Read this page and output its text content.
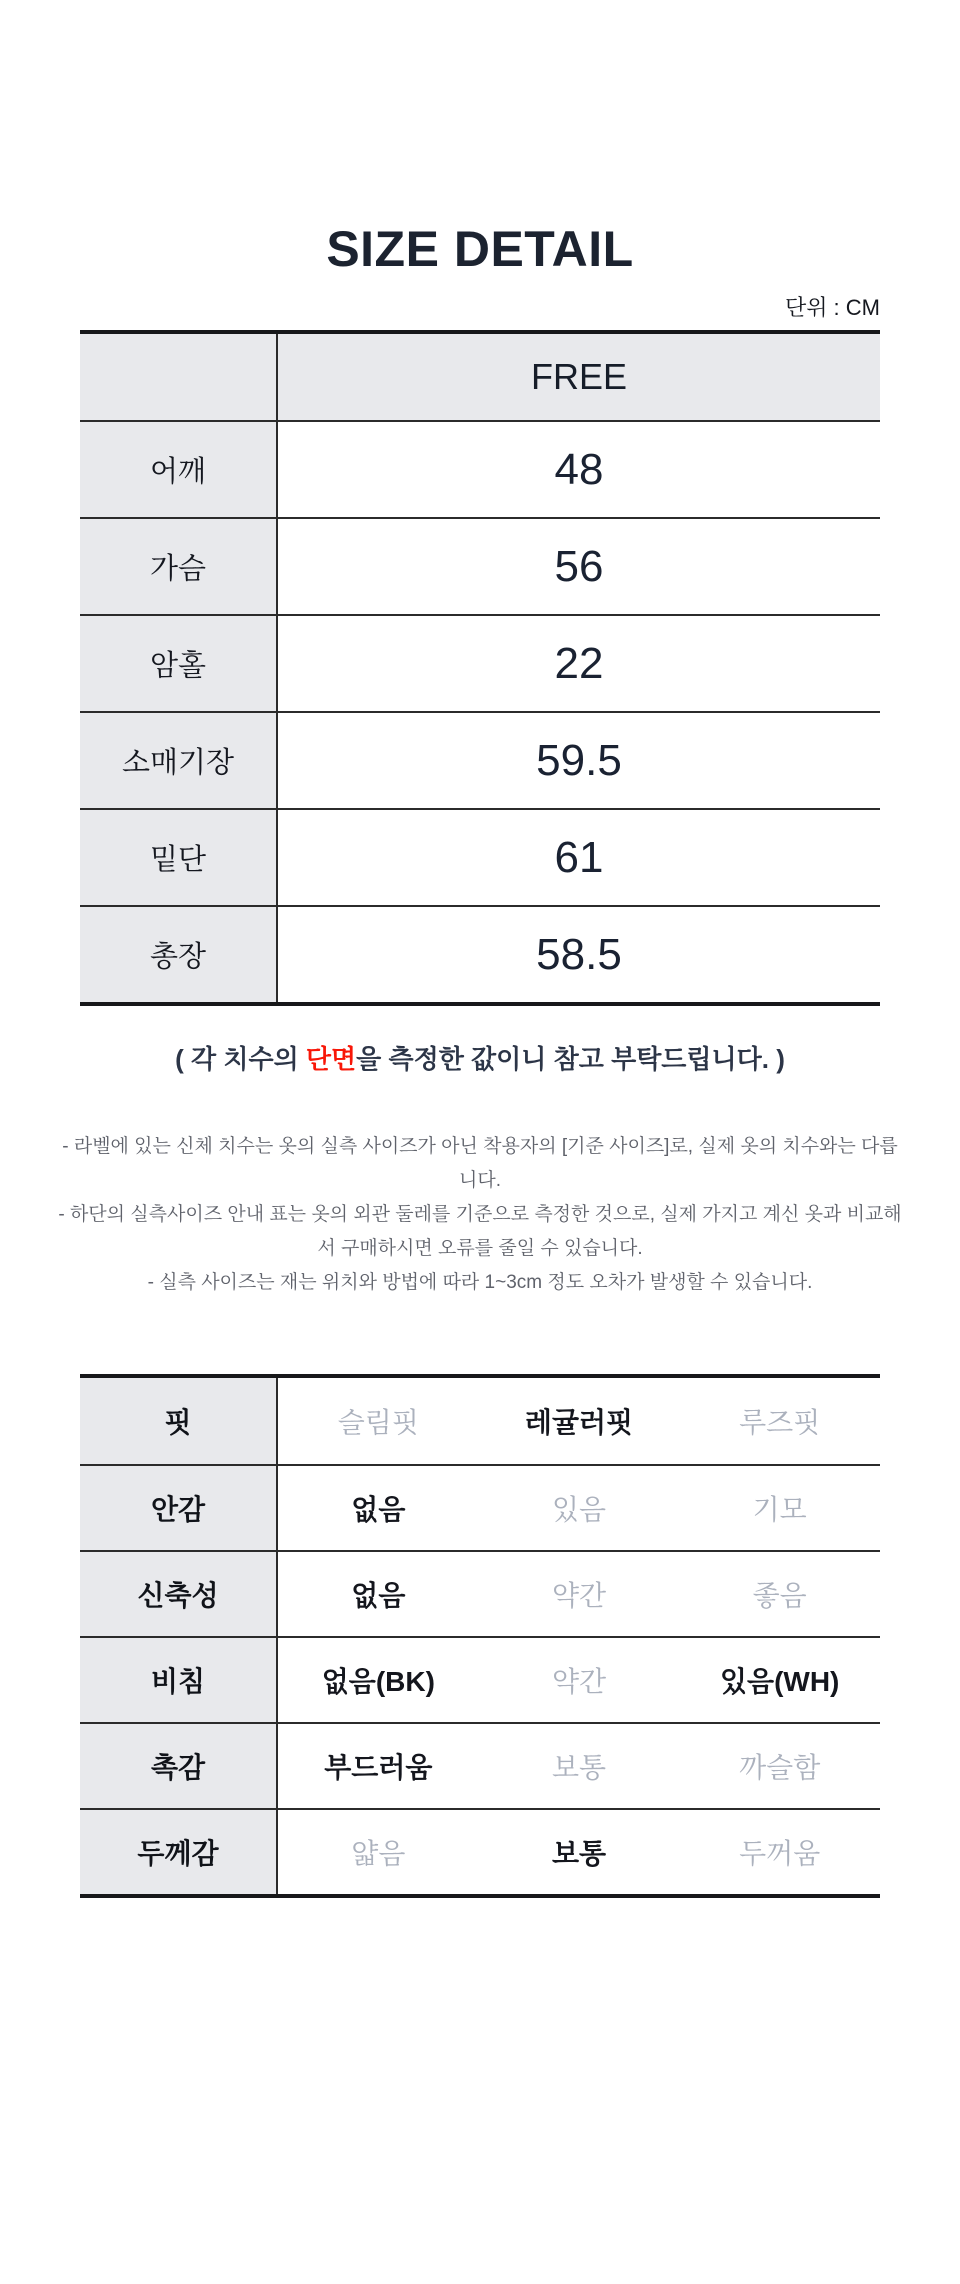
SIZE DETAIL
단위 : CM
FREE
어깨	48
가슴	56
암홀	22
소매기장	59.5
밑단	61
총장	58.5

( 각 치수의 단면을 측정한 값이니 참고 부탁드립니다. )

- 라벨에 있는 신체 치수는 옷의 실측 사이즈가 아닌 착용자의 [기준 사이즈]로, 실제 옷의 치수와는 다릅니다.
- 하단의 실측사이즈 안내 표는 옷의 외관 둘레를 기준으로 측정한 것으로, 실제 가지고 계신 옷과 비교해서 구매하시면 오류를 줄일 수 있습니다.
- 실측 사이즈는 재는 위치와 방법에 따라 1~3cm 정도 오차가 발생할 수 있습니다.
핏	슬림핏	레귤러핏	루즈핏
안감	없음	있음	기모
신축성	없음	약간	좋음
비침	없음(BK)	약간	있음(WH)
촉감	부드러움	보통	까슬함
두께감	얇음	보통	두꺼움
